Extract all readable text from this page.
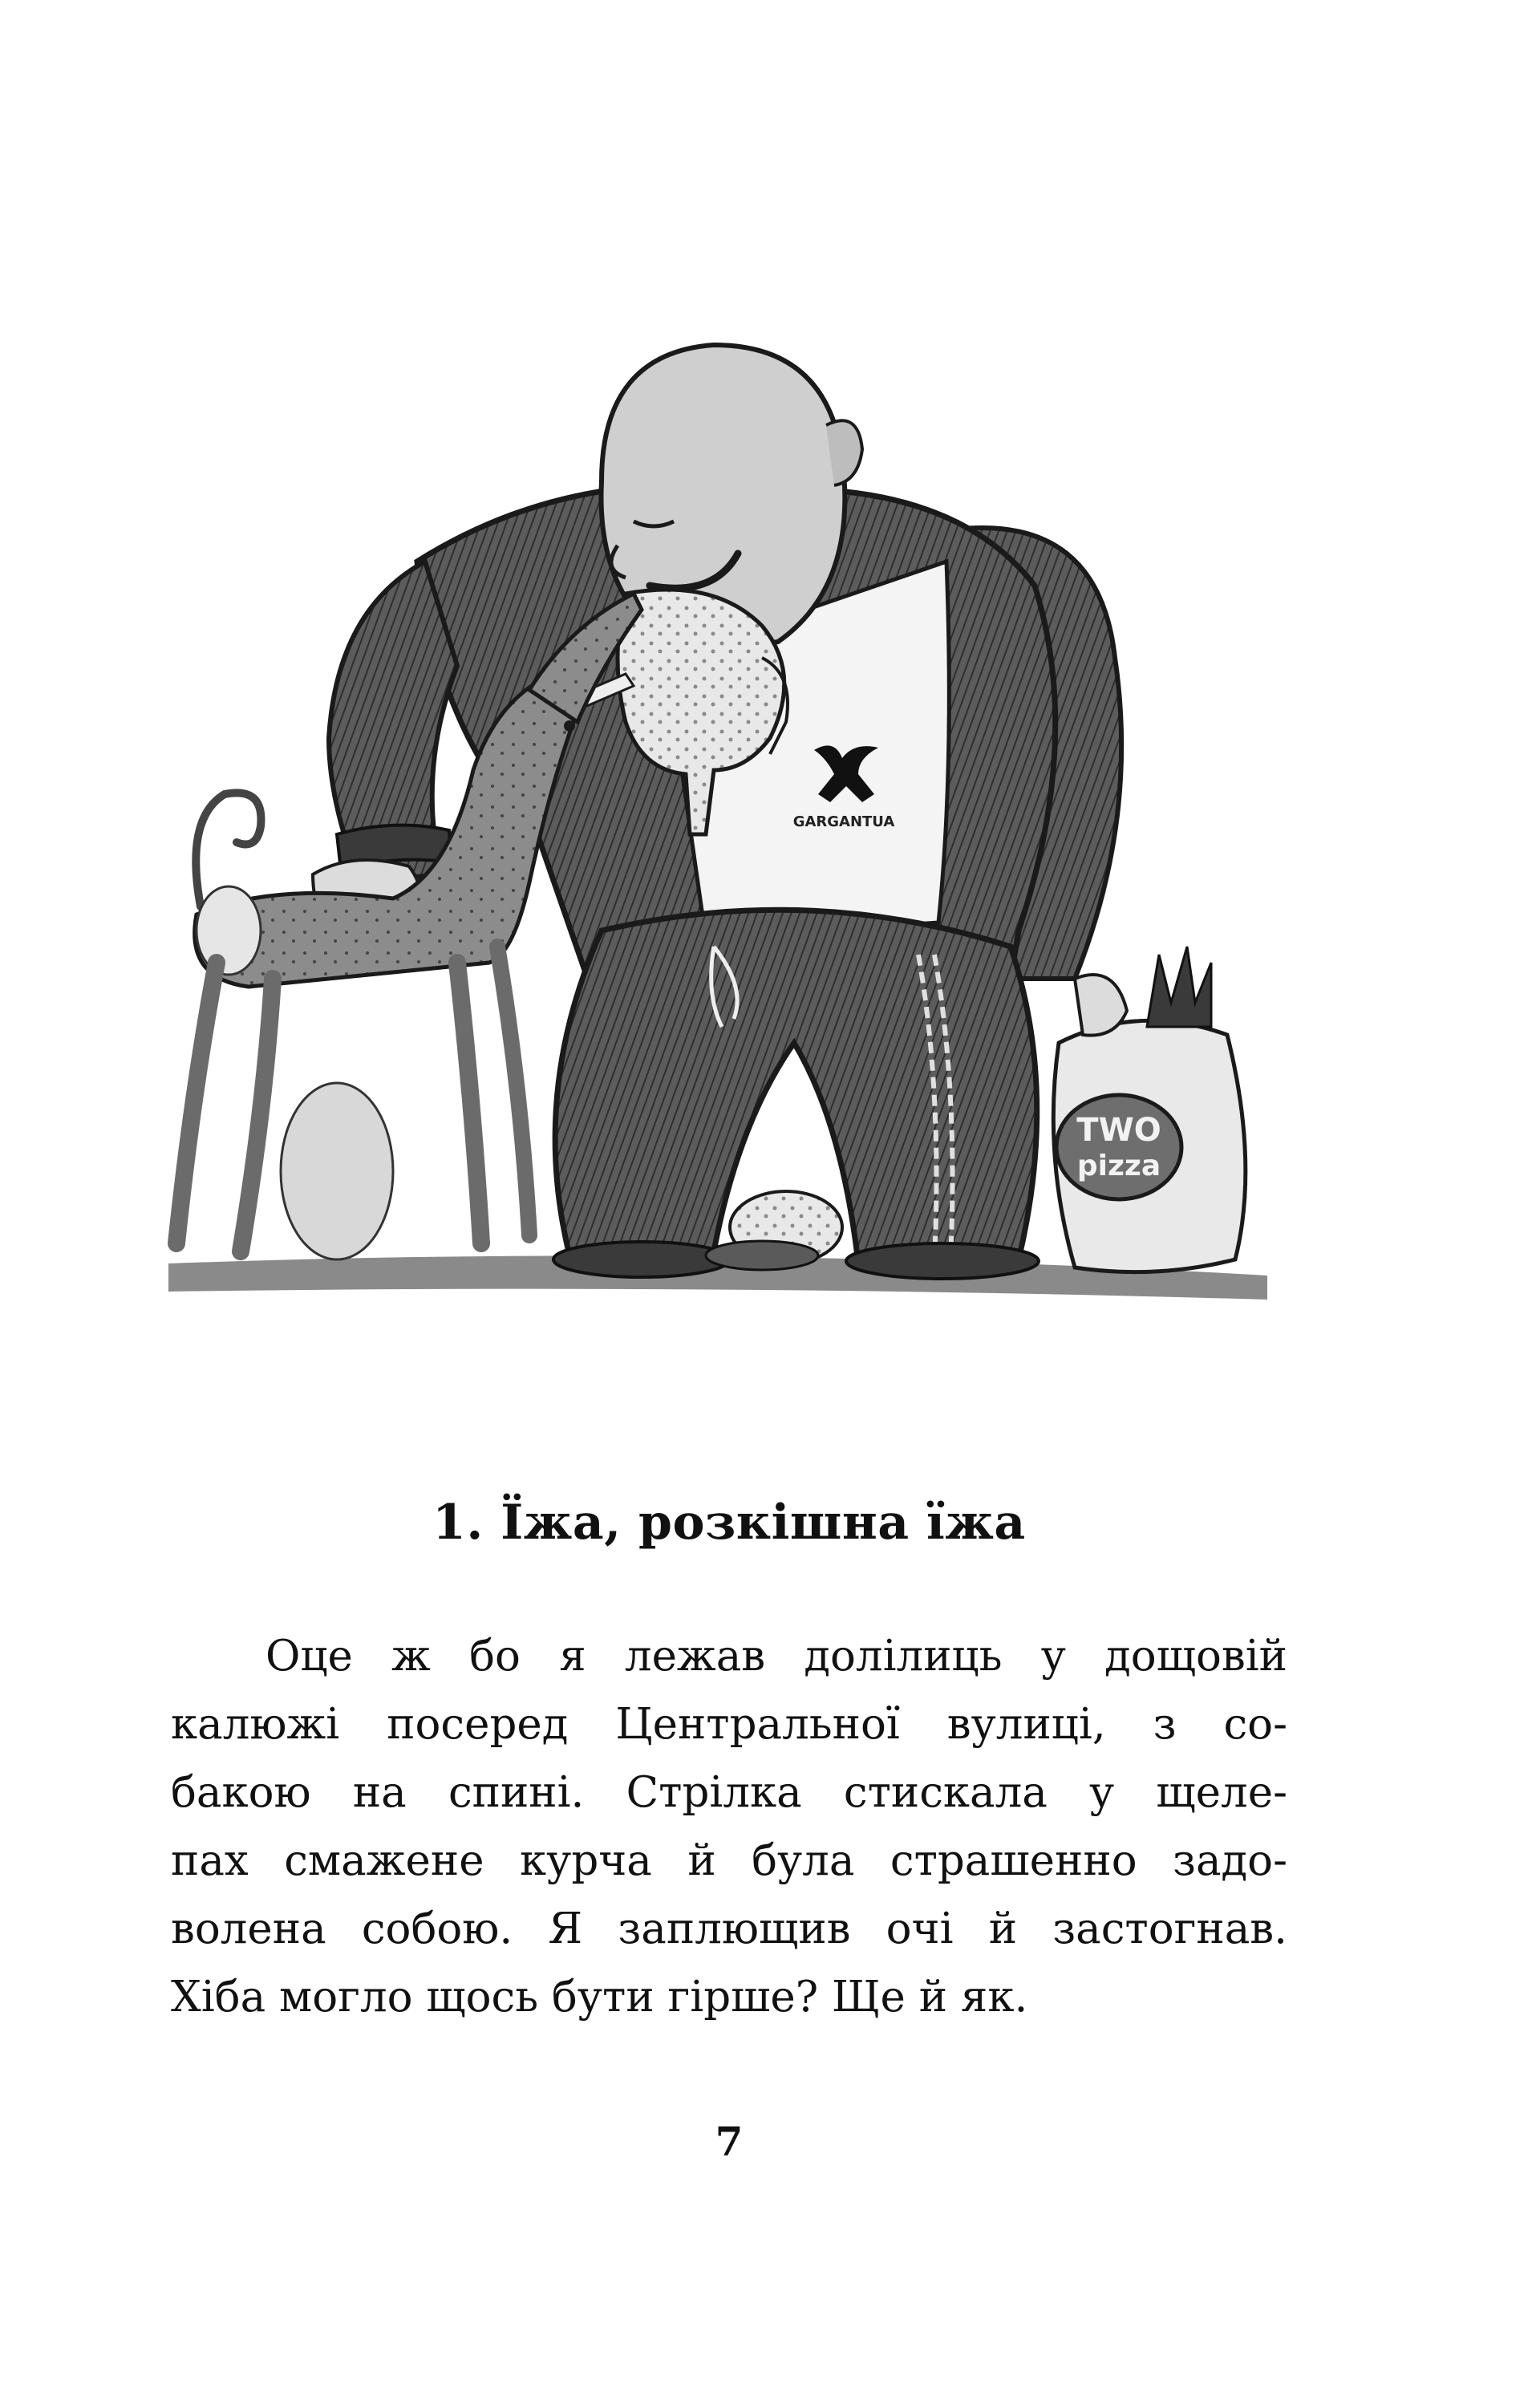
GARGANTUA
TWO
pizza
1. Їжа, розкішна їжа

Оце ж бо я лежав долілиць у дощовій
калюжі посеред Центральної вулиці, з со-
бакою на спині. Стрілка стискала у щеле-
пах смажене курча й була страшенно задо-
волена собою. Я заплющив очі й застогнав.
Хіба могло щось бути гірше? Ще й як.

7
